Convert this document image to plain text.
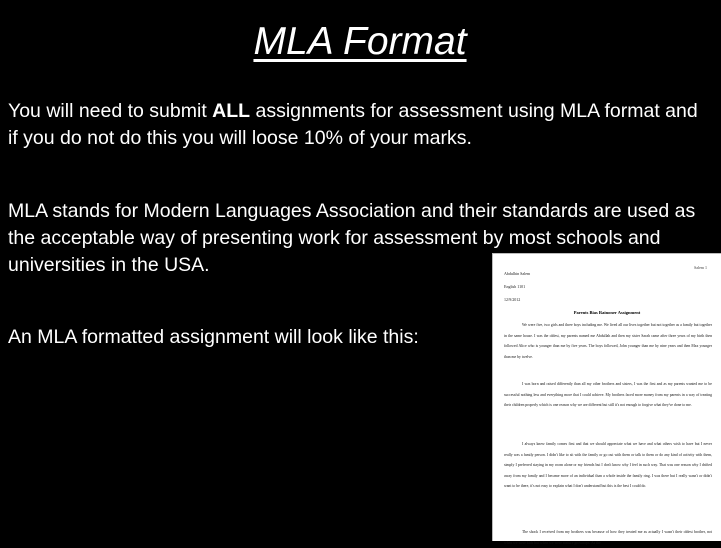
MLA Format
You will need to submit ALL assignments for assessment using MLA format and if you do not do this you will loose 10% of your marks.
MLA stands for Modern Languages Association and their standards are used as the acceptable way of presenting work for assessment by most schools and universities in the USA.
An MLA formatted assignment will look like this:
Salem 1
Abdulhin Salem
English 1101
12/9/2012
Parents Bias Rainoner Assignment
We were five, two girls and three boys including me. We lived all our lives together but not together as a family but together in the same house. I was the oldest, my parents named me Abdullah and then my sister Sarah came after three years of my birth then followed Alice who is younger than me by five years. The boys followed, John younger than me by nine years and then Max younger than me by twelve.
I was born and raised differently than all my other brothers and sisters, I was the first and as my parents wanted me to be successful nothing less and everything more that I could achieve. My brothers faced more money from my parents in a way of treating their children properly which is one reason why we are different but still it's not enough to forgive what they've done to me.
I always knew family comes first and that we should appreciate what we have and what others wish to have but I never really was a family person. I didn't like to sit with the family or go out with them or talk to them or do any kind of activity with them, simply I preferred staying in my room alone or my friends but I don't know why I feel in such way. That was one reason why I drifted away from my family and I became more of an individual than a whole inside the family ring. I was there but I really wasn't or didn't want to be there, it's not easy to explain what I don't understand but this is the best I could do.
The shock I received from my brothers was because of how they treated me as actually I wasn't their oldest brother, not when we were kids but when we were mature grownups. As the
